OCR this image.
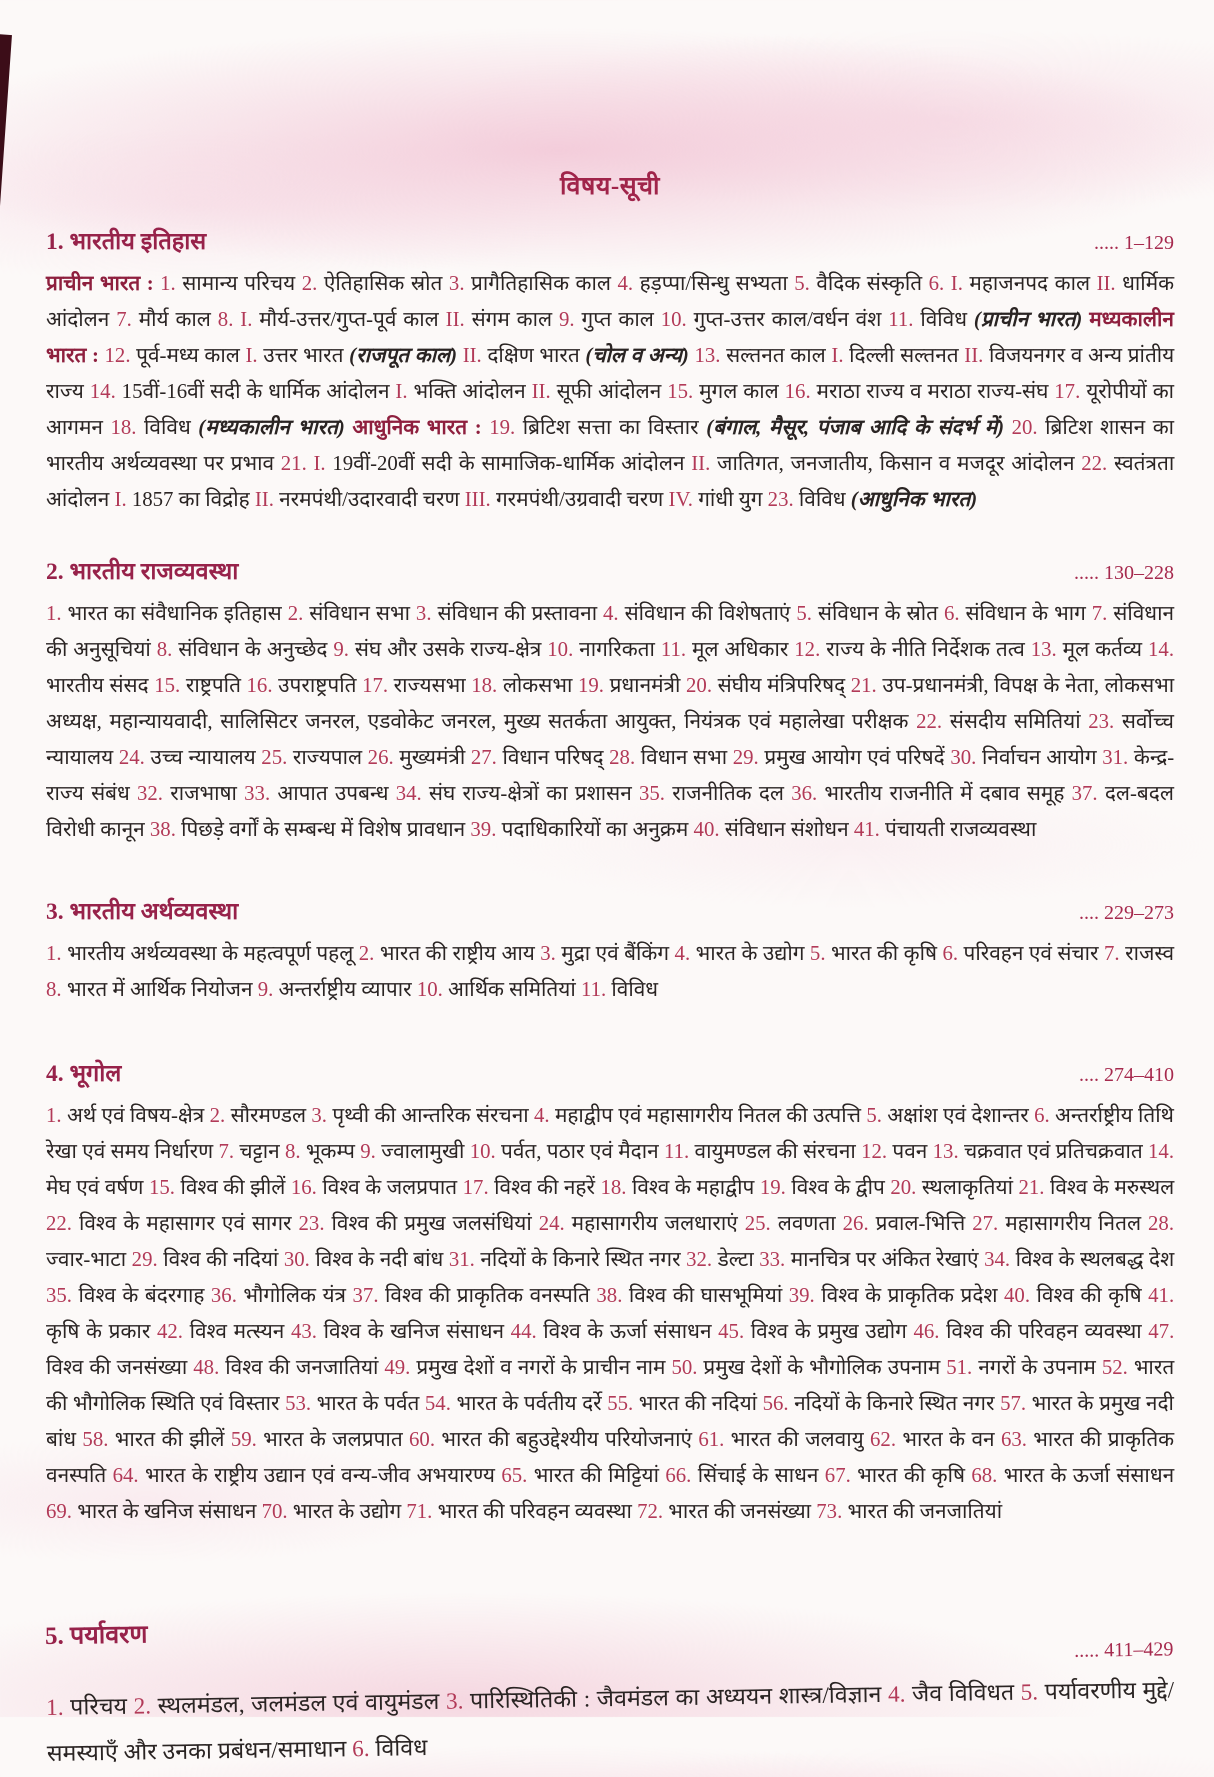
विषय-सूची
1. भारतीय इतिहास	..... 1–129

प्राचीन भारत : 1. सामान्य परिचय 2. ऐतिहासिक स्रोत 3. प्रागैतिहासिक काल 4. हड़प्पा/सिन्धु सभ्यता 5. वैदिक संस्कृति 6. I. महाजनपद काल II. धार्मिक आंदोलन 7. मौर्य काल 8. I. मौर्य-उत्तर/गुप्त-पूर्व काल II. संगम काल 9. गुप्त काल 10. गुप्त-उत्तर काल/वर्धन वंश 11. विविध (प्राचीन भारत) मध्यकालीन भारत : 12. पूर्व-मध्य काल I. उत्तर भारत (राजपूत काल) II. दक्षिण भारत (चोल व अन्य) 13. सल्तनत काल I. दिल्ली सल्तनत II. विजयनगर व अन्य प्रांतीय राज्य 14. 15वीं-16वीं सदी के धार्मिक आंदोलन I. भक्ति आंदोलन II. सूफी आंदोलन 15. मुगल काल 16. मराठा राज्य व मराठा राज्य-संघ 17. यूरोपीयों का आगमन 18. विविध (मध्यकालीन भारत) आधुनिक भारत : 19. ब्रिटिश सत्ता का विस्तार (बंगाल, मैसूर, पंजाब आदि के संदर्भ में) 20. ब्रिटिश शासन का भारतीय अर्थव्यवस्था पर प्रभाव 21. I. 19वीं-20वीं सदी के सामाजिक-धार्मिक आंदोलन II. जातिगत, जनजातीय, किसान व मजदूर आंदोलन 22. स्वतंत्रता आंदोलन I. 1857 का विद्रोह II. नरमपंथी/उदारवादी चरण III. गरमपंथी/उग्रवादी चरण IV. गांधी युग 23. विविध (आधुनिक भारत)

2. भारतीय राजव्यवस्था	..... 130–228

1. भारत का संवैधानिक इतिहास 2. संविधान सभा 3. संविधान की प्रस्तावना 4. संविधान की विशेषताएं 5. संविधान के स्रोत 6. संविधान के भाग 7. संविधान की अनुसूचियां 8. संविधान के अनुच्छेद 9. संघ और उसके राज्य-क्षेत्र 10. नागरिकता 11. मूल अधिकार 12. राज्य के नीति निर्देशक तत्व 13. मूल कर्तव्य 14. भारतीय संसद 15. राष्ट्रपति 16. उपराष्ट्रपति 17. राज्यसभा 18. लोकसभा 19. प्रधानमंत्री 20. संघीय मंत्रिपरिषद् 21. उप-प्रधानमंत्री, विपक्ष के नेता, लोकसभा अध्यक्ष, महान्यायवादी, सालिसिटर जनरल, एडवोकेट जनरल, मुख्य सतर्कता आयुक्त, नियंत्रक एवं महालेखा परीक्षक 22. संसदीय समितियां 23. सर्वोच्च न्यायालय 24. उच्च न्यायालय 25. राज्यपाल 26. मुख्यमंत्री 27. विधान परिषद् 28. विधान सभा 29. प्रमुख आयोग एवं परिषदें 30. निर्वाचन आयोग 31. केन्द्र-राज्य संबंध 32. राजभाषा 33. आपात उपबन्ध 34. संघ राज्य-क्षेत्रों का प्रशासन 35. राजनीतिक दल 36. भारतीय राजनीति में दबाव समूह 37. दल-बदल विरोधी कानून 38. पिछड़े वर्गों के सम्बन्ध में विशेष प्रावधान 39. पदाधिकारियों का अनुक्रम 40. संविधान संशोधन 41. पंचायती राजव्यवस्था

3. भारतीय अर्थव्यवस्था	.... 229–273

1. भारतीय अर्थव्यवस्था के महत्वपूर्ण पहलू 2. भारत की राष्ट्रीय आय 3. मुद्रा एवं बैंकिंग 4. भारत के उद्योग 5. भारत की कृषि 6. परिवहन एवं संचार 7. राजस्व 8. भारत में आर्थिक नियोजन 9. अन्तर्राष्ट्रीय व्यापार 10. आर्थिक समितियां 11. विविध

4. भूगोल	.... 274–410

1. अर्थ एवं विषय-क्षेत्र 2. सौरमण्डल 3. पृथ्वी की आन्तरिक संरचना 4. महाद्वीप एवं महासागरीय नितल की उत्पत्ति 5. अक्षांश एवं देशान्तर 6. अन्तर्राष्ट्रीय तिथि रेखा एवं समय निर्धारण 7. चट्टान 8. भूकम्प 9. ज्वालामुखी 10. पर्वत, पठार एवं मैदान 11. वायुमण्डल की संरचना 12. पवन 13. चक्रवात एवं प्रतिचक्रवात 14. मेघ एवं वर्षण 15. विश्व की झीलें 16. विश्व के जलप्रपात 17. विश्व की नहरें 18. विश्व के महाद्वीप 19. विश्व के द्वीप 20. स्थलाकृतियां 21. विश्व के मरुस्थल 22. विश्व के महासागर एवं सागर 23. विश्व की प्रमुख जलसंधियां 24. महासागरीय जलधाराएं 25. लवणता 26. प्रवाल-भित्ति 27. महासागरीय नितल 28. ज्वार-भाटा 29. विश्व की नदियां 30. विश्व के नदी बांध 31. नदियों के किनारे स्थित नगर 32. डेल्टा 33. मानचित्र पर अंकित रेखाएं 34. विश्व के स्थलबद्ध देश 35. विश्व के बंदरगाह 36. भौगोलिक यंत्र 37. विश्व की प्राकृतिक वनस्पति 38. विश्व की घासभूमियां 39. विश्व के प्राकृतिक प्रदेश 40. विश्व की कृषि 41. कृषि के प्रकार 42. विश्व मत्स्यन 43. विश्व के खनिज संसाधन 44. विश्व के ऊर्जा संसाधन 45. विश्व के प्रमुख उद्योग 46. विश्व की परिवहन व्यवस्था 47. विश्व की जनसंख्या 48. विश्व की जनजातियां 49. प्रमुख देशों व नगरों के प्राचीन नाम 50. प्रमुख देशों के भौगोलिक उपनाम 51. नगरों के उपनाम 52. भारत की भौगोलिक स्थिति एवं विस्तार 53. भारत के पर्वत 54. भारत के पर्वतीय दर्रे 55. भारत की नदियां 56. नदियों के किनारे स्थित नगर 57. भारत के प्रमुख नदी बांध 58. भारत की झीलें 59. भारत के जलप्रपात 60. भारत की बहुउद्देश्यीय परियोजनाएं 61. भारत की जलवायु 62. भारत के वन 63. भारत की प्राकृतिक वनस्पति 64. भारत के राष्ट्रीय उद्यान एवं वन्य-जीव अभयारण्य 65. भारत की मिट्टियां 66. सिंचाई के साधन 67. भारत की कृषि 68. भारत के ऊर्जा संसाधन 69. भारत के खनिज संसाधन 70. भारत के उद्योग 71. भारत की परिवहन व्यवस्था 72. भारत की जनसंख्या 73. भारत की जनजातियां

5. पर्यावरण
..... 411–429

1. परिचय 2. स्थलमंडल, जलमंडल एवं वायुमंडल 3. पारिस्थितिकी : जैवमंडल का अध्ययन शास्त्र/विज्ञान 4. जैव विविधत 5. पर्यावरणीय मुद्दे/समस्याएँ और उनका प्रबंधन/समाधान 6. विविध
